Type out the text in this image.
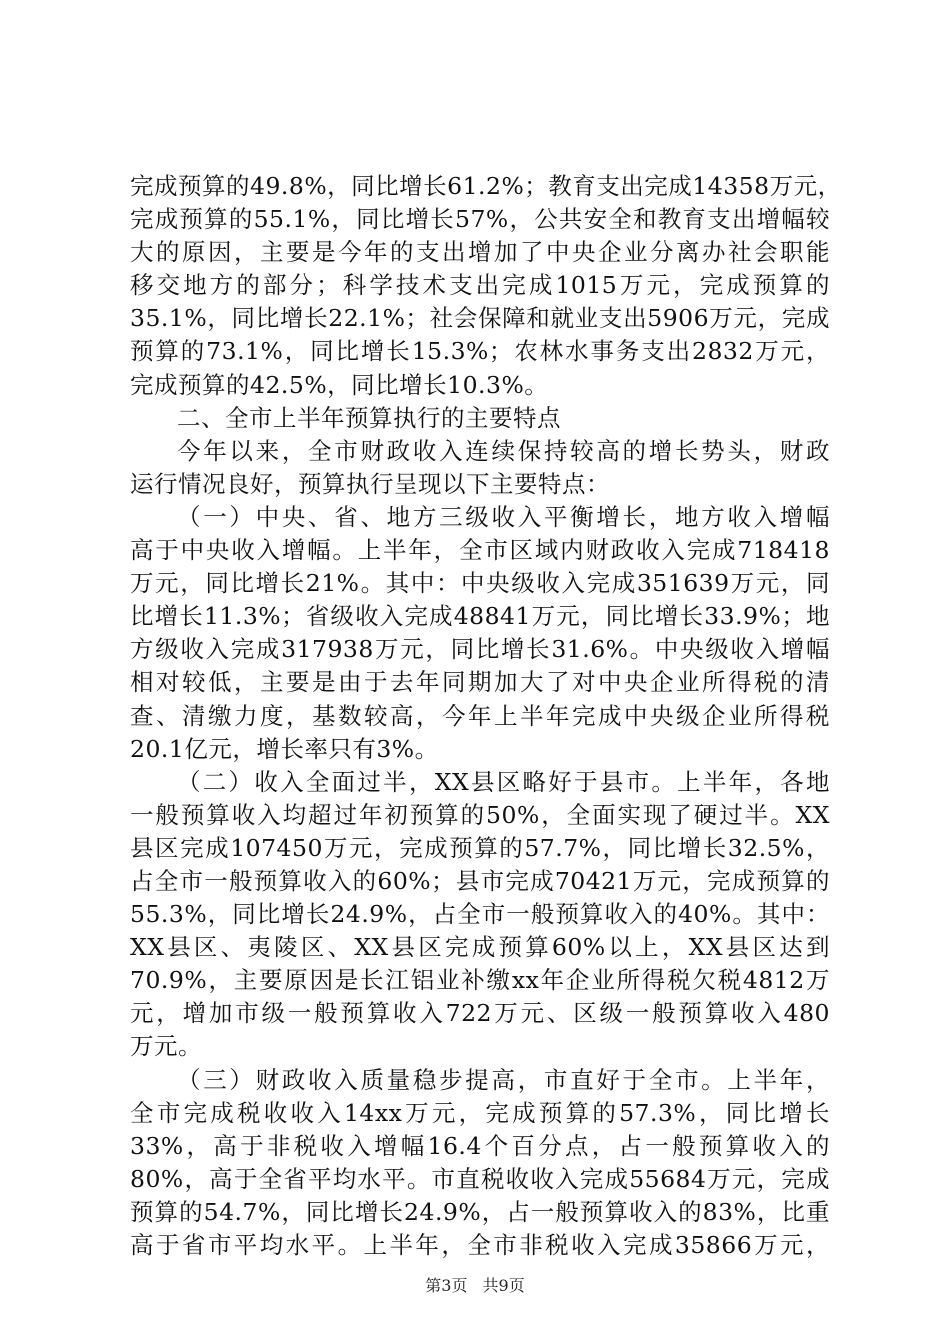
完成预算的49.8%，同比增长61.2%；教育支出完成14358万元，
完成预算的55.1%，同比增长57%，公共安全和教育支出增幅较
大的原因，主要是今年的支出增加了中央企业分离办社会职能
移交地方的部分；科学技术支出完成1015万元，完成预算的
35.1%，同比增长22.1%；社会保障和就业支出5906万元，完成
预算的73.1%，同比增长15.3%；农林水事务支出2832万元，
完成预算的42.5%，同比增长10.3%。
二、全市上半年预算执行的主要特点
今年以来，全市财政收入连续保持较高的增长势头，财政
运行情况良好，预算执行呈现以下主要特点：
（一）中央、省、地方三级收入平衡增长，地方收入增幅
高于中央收入增幅。上半年，全市区域内财政收入完成718418
万元，同比增长21%。其中：中央级收入完成351639万元，同
比增长11.3%；省级收入完成48841万元，同比增长33.9%；地
方级收入完成317938万元，同比增长31.6%。中央级收入增幅
相对较低，主要是由于去年同期加大了对中央企业所得税的清
查、清缴力度，基数较高，今年上半年完成中央级企业所得税
20.1亿元，增长率只有3%。
（二）收入全面过半，XX县区略好于县市。上半年，各地
一般预算收入均超过年初预算的50%，全面实现了硬过半。XX
县区完成107450万元，完成预算的57.7%，同比增长32.5%，
占全市一般预算收入的60%；县市完成70421万元，完成预算的
55.3%，同比增长24.9%，占全市一般预算收入的40%。其中：
XX县区、夷陵区、XX县区完成预算60%以上，XX县区达到
70.9%，主要原因是长江铝业补缴xx年企业所得税欠税4812万
元，增加市级一般预算收入722万元、区级一般预算收入480
万元。
（三）财政收入质量稳步提高，市直好于全市。上半年，
全市完成税收收入14xx万元，完成预算的57.3%，同比增长
33%，高于非税收入增幅16.4个百分点，占一般预算收入的
80%，高于全省平均水平。市直税收收入完成55684万元，完成
预算的54.7%，同比增长24.9%，占一般预算收入的83%，比重
高于省市平均水平。上半年，全市非税收入完成35866万元，
第3页 共9页
